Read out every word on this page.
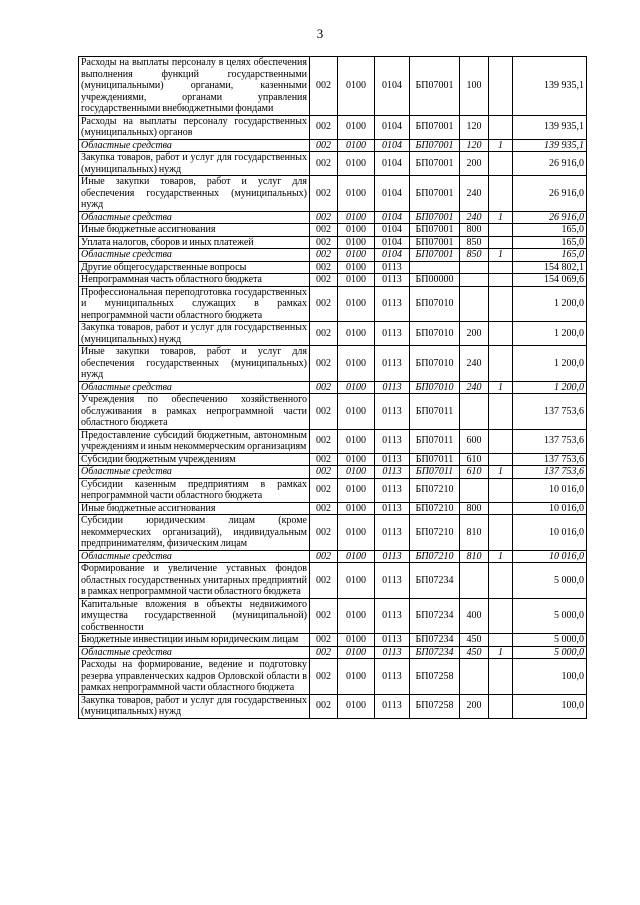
3
Расходы на выплаты персоналу в целях обеспечения выполнения функций государственными (муниципальными) органами, казенными учреждениями, органами управления государственными внебюджетными фондами	002	0100	0104	БП07001	100		139 935,1
Расходы на выплаты персоналу государственных (муниципальных) органов	002	0100	0104	БП07001	120		139 935,1
Областные средства	002	0100	0104	БП07001	120	1	139 935,1
Закупка товаров, работ и услуг для государственных (муниципальных) нужд	002	0100	0104	БП07001	200		26 916,0
Иные закупки товаров, работ и услуг для обеспечения государственных (муниципальных) нужд	002	0100	0104	БП07001	240		26 916,0
Областные средства	002	0100	0104	БП07001	240	1	26 916,0
Иные бюджетные ассигнования	002	0100	0104	БП07001	800		165,0
Уплата налогов, сборов и иных платежей	002	0100	0104	БП07001	850		165,0
Областные средства	002	0100	0104	БП07001	850	1	165,0
Другие общегосударственные вопросы	002	0100	0113				154 802,1
Непрограммная часть областного бюджета	002	0100	0113	БП00000			154 069,6
Профессиональная переподготовка государственных и муниципальных служащих в рамках непрограммной части областного бюджета	002	0100	0113	БП07010			1 200,0
Закупка товаров, работ и услуг для государственных (муниципальных) нужд	002	0100	0113	БП07010	200		1 200,0
Иные закупки товаров, работ и услуг для обеспечения государственных (муниципальных) нужд	002	0100	0113	БП07010	240		1 200,0
Областные средства	002	0100	0113	БП07010	240	1	1 200,0
Учреждения по обеспечению хозяйственного обслуживания в рамках непрограммной части областного бюджета	002	0100	0113	БП07011			137 753,6
Предоставление субсидий бюджетным, автономным учреждениям и иным некоммерческим организациям	002	0100	0113	БП07011	600		137 753,6
Субсидии бюджетным учреждениям	002	0100	0113	БП07011	610		137 753,6
Областные средства	002	0100	0113	БП07011	610	1	137 753,6
Субсидии казенным предприятиям в рамках непрограммной части областного бюджета	002	0100	0113	БП07210			10 016,0
Иные бюджетные ассигнования	002	0100	0113	БП07210	800		10 016,0
Субсидии юридическим лицам (кроме некоммерческих организаций), индивидуальным предпринимателям, физическим лицам	002	0100	0113	БП07210	810		10 016,0
Областные средства	002	0100	0113	БП07210	810	1	10 016,0
Формирование и увеличение уставных фондов областных государственных унитарных предприятий в рамках непрограммной части областного бюджета	002	0100	0113	БП07234			5 000,0
Капитальные вложения в объекты недвижимого имущества государственной (муниципальной) собственности	002	0100	0113	БП07234	400		5 000,0
Бюджетные инвестиции иным юридическим лицам	002	0100	0113	БП07234	450		5 000,0
Областные средства	002	0100	0113	БП07234	450	1	5 000,0
Расходы на формирование, ведение и подготовку резерва управленческих кадров Орловской области в рамках непрограммной части областного бюджета	002	0100	0113	БП07258			100,0
Закупка товаров, работ и услуг для государственных (муниципальных) нужд	002	0100	0113	БП07258	200		100,0
